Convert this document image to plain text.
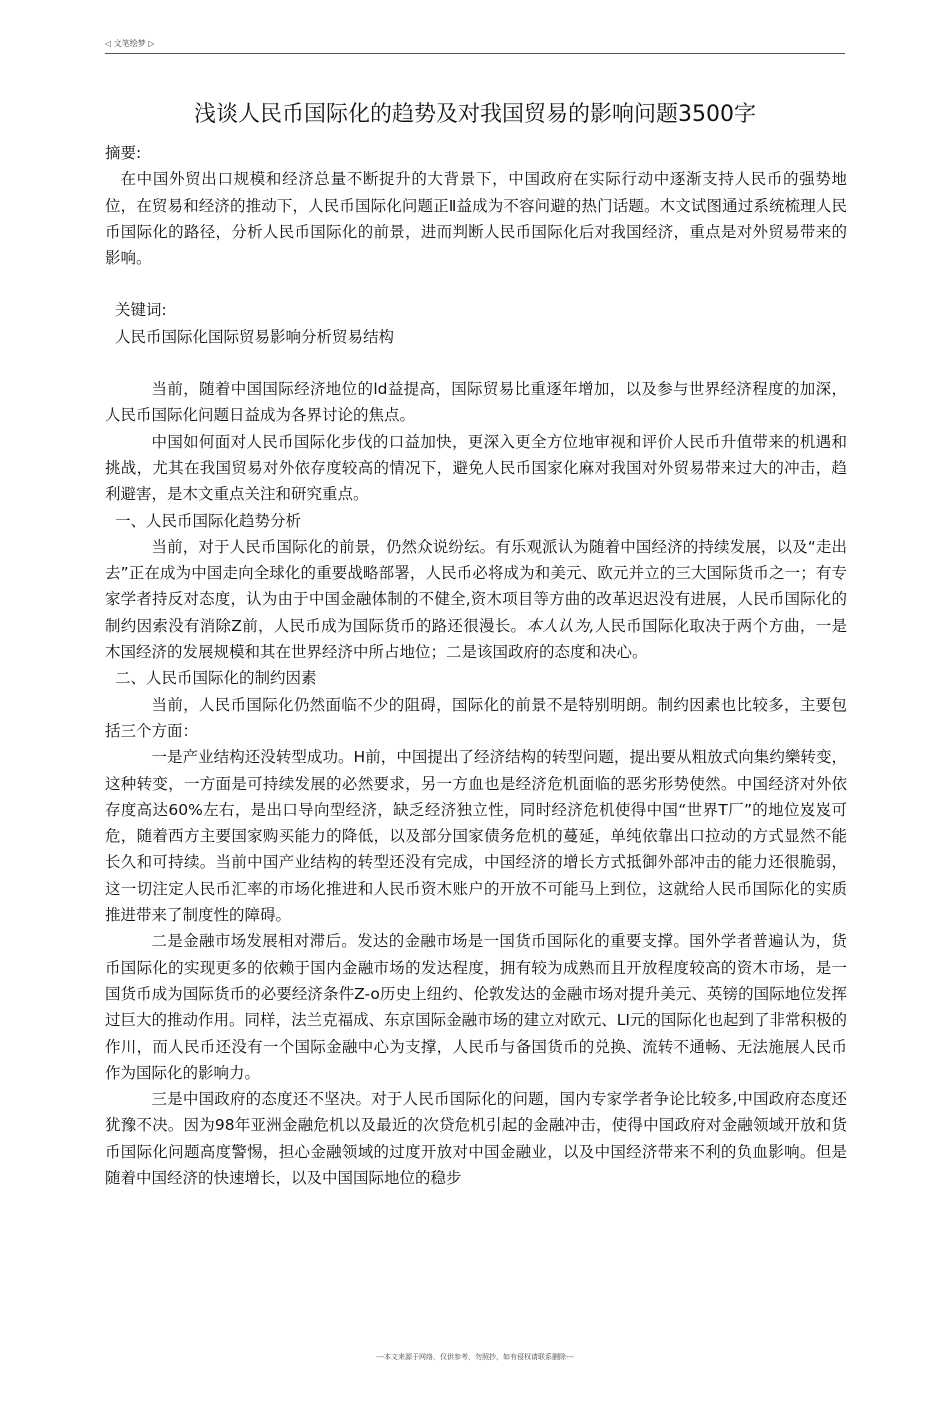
◁ 文笔绘梦 ▷
浅谈人民币国际化的趋势及对我国贸易的影响问题3500字

摘要:

在中国外贸出口规模和经济总量不断捉升的大背景下，中国政府在实际行动中逐渐支持人民币的强势地位，在贸易和经济的推动下，人民币国际化问题正Ⅱ益成为不容问避的热门话题。木文试图通过系统梳理人民币国际化的路径，分析人民币国际化的前景，进而判断人民币国际化后对我国经济，重点是对外贸易带来的影响。

关键词:

人民币国际化国际贸易影响分析贸易结构

当前，随着中国国际经济地位的ld益提高，国际贸易比重逐年增加，以及参与世界经济程度的加深，人民币国际化问题日益成为各界讨论的焦点。

中国如何面对人民币国际化步伐的口益加快，更深入更全方位地审视和评价人民币升值带来的机遇和挑战，尤其在我国贸易对外依存度较高的情况下，避免人民币国家化麻对我国对外贸易带来过大的冲击，趋利避害，是木文重点关注和研究重点。

一、人民币国际化趋势分析

当前，对于人民币国际化的前景，仍然众说纷纭。有乐观派认为随着中国经济的持续发展，以及“走出去”正在成为中国走向全球化的重要战略部署，人民币必将成为和美元、欧元并立的三大国际货币之一；有专家学者持反对态度，认为由于中国金融体制的不健全,资木项目等方曲的改革迟迟没有进展，人民币国际化的制约因索没有消除Z前，人民币成为国际货币的路还很漫长。本人认为,人民币国际化取决于两个方曲，一是木国经济的发展规模和其在世界经济中所占地位；二是该国政府的态度和决心。

二、人民币国际化的制约因素

当前，人民币国际化仍然面临不少的阻碍，国际化的前景不是特别明朗。制约因素也比较多，主要包括三个方面：

一是产业结构还没转型成功。H前，中国提出了经济结构的转型问题，提出要从粗放式向集约樂转变，这种转变，一方面是可持续发展的必然要求，另一方血也是经济危机面临的恶劣形势使然。中国经济对外依存度高达60%左右，是出口导向型经济，缺乏经济独立性，同时经济危机使得中国“世界T厂”的地位岌岌可危，随着西方主要国家购买能力的降低，以及部分国家债务危机的蔓延，单纯依靠出口拉动的方式显然不能长久和可持续。当前中国产业结构的转型还没有完成，中国经济的增长方式抵御外部冲击的能力还很脆弱，这一切注定人民币汇率的市场化推进和人民币资木账户的开放不可能马上到位，这就给人民币国际化的实质推进带来了制度性的障碍。

二是金融市场发展相对滞后。发达的金融市场是一国货币国际化的重要支撑。国外学者普遍认为，货币国际化的实现更多的依赖于国内金融市场的发达程度，拥有较为成熟而且开放程度较高的资木市场，是一国货币成为国际货币的必要经济条件Z-o历史上纽约、伦敦发达的金融市场对提升美元、英镑的国际地位发挥过巨大的推动作用。同样，法兰克福成、东京国际金融市场的建立对欧元、LI元的国际化也起到了非常积极的作川，而人民币还没有一个国际金融中心为支撑，人民币与备国货币的兑换、流转不通畅、无法施展人民币作为国际化的影响力。

三是中国政府的态度还不坚决。对于人民币国际化的问题，国内专家学者争论比较多,中国政府态度还犹豫不决。因为98年亚洲金融危机以及最近的次贷危机引起的金融冲击，使得中国政府对金融领域开放和货币国际化问题高度警惕，担心金融领域的过度开放对中国金融业，以及中国经济带来不利的负血影响。但是随着中国经济的快速增长，以及中国国际地位的稳步

---本文来源于网络，仅供参考，勿照抄，如有侵权请联系删除---
